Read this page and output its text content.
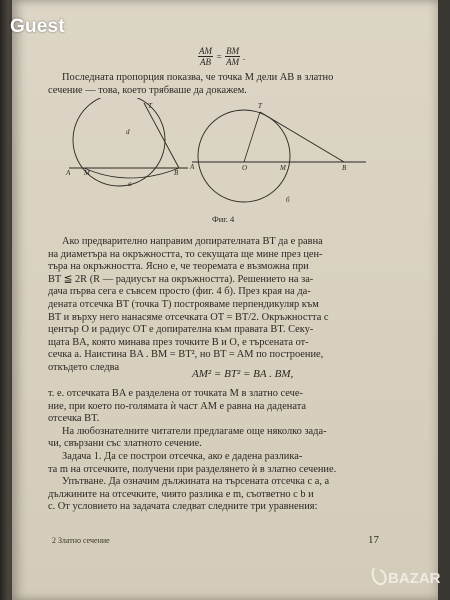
$\frac{AM}{AB} = \frac{BM}{AM}$ .
Последната пропорция показва, че точка M дели AB в златно
сечение — това, което трябваше да докажем.
d
A M	B
T
a
A	O	M	B
T
б
Фиг. 4
Ако предварително направим допирателната BT да е равна
на диаметъра на окръжността, то секущата ще мине през цен-
търа на окръжността. Ясно е, че теоремата е възможна при
BT ≦ 2R (R — радиусът на окръжността). Решението на за-
дача първа сега е съвсем просто (фиг. 4 б). През края на да-
дената отсечка BT (точка T) построяваме перпендикуляр към
BT и върху него нанасяме отсечката OT = BT/2. Окръжността с
център O и радиус OT е допирателна към правата BT. Секу-
щата BA, която минава през точките B и O, е търсената от-
сечка a. Наистина BA . BM = BT², но BT = AM по построение,
откъдето следва
AM² = BT² = BA . BM,
т. е. отсечката BA е разделена от точката M в златно сече-
ние, при което по-голямата ѝ част AM е равна на дадената
отсечка BT.
На любознателните читатели предлагаме още няколко зада-
чи, свързани със златното сечение.
Задача 1. Да се построи отсечка, ако е дадена разлика-
та m на отсечките, получени при разделянето ѝ в златно сечение.
Упътване. Да означим дължината на търсената отсечка с a, а
дължините на отсечките, чиято разлика е m, съответно с b и
c. От условието на задачата следват следните три уравнения:
2 Златно сечение	17
Guest
BAZAR
